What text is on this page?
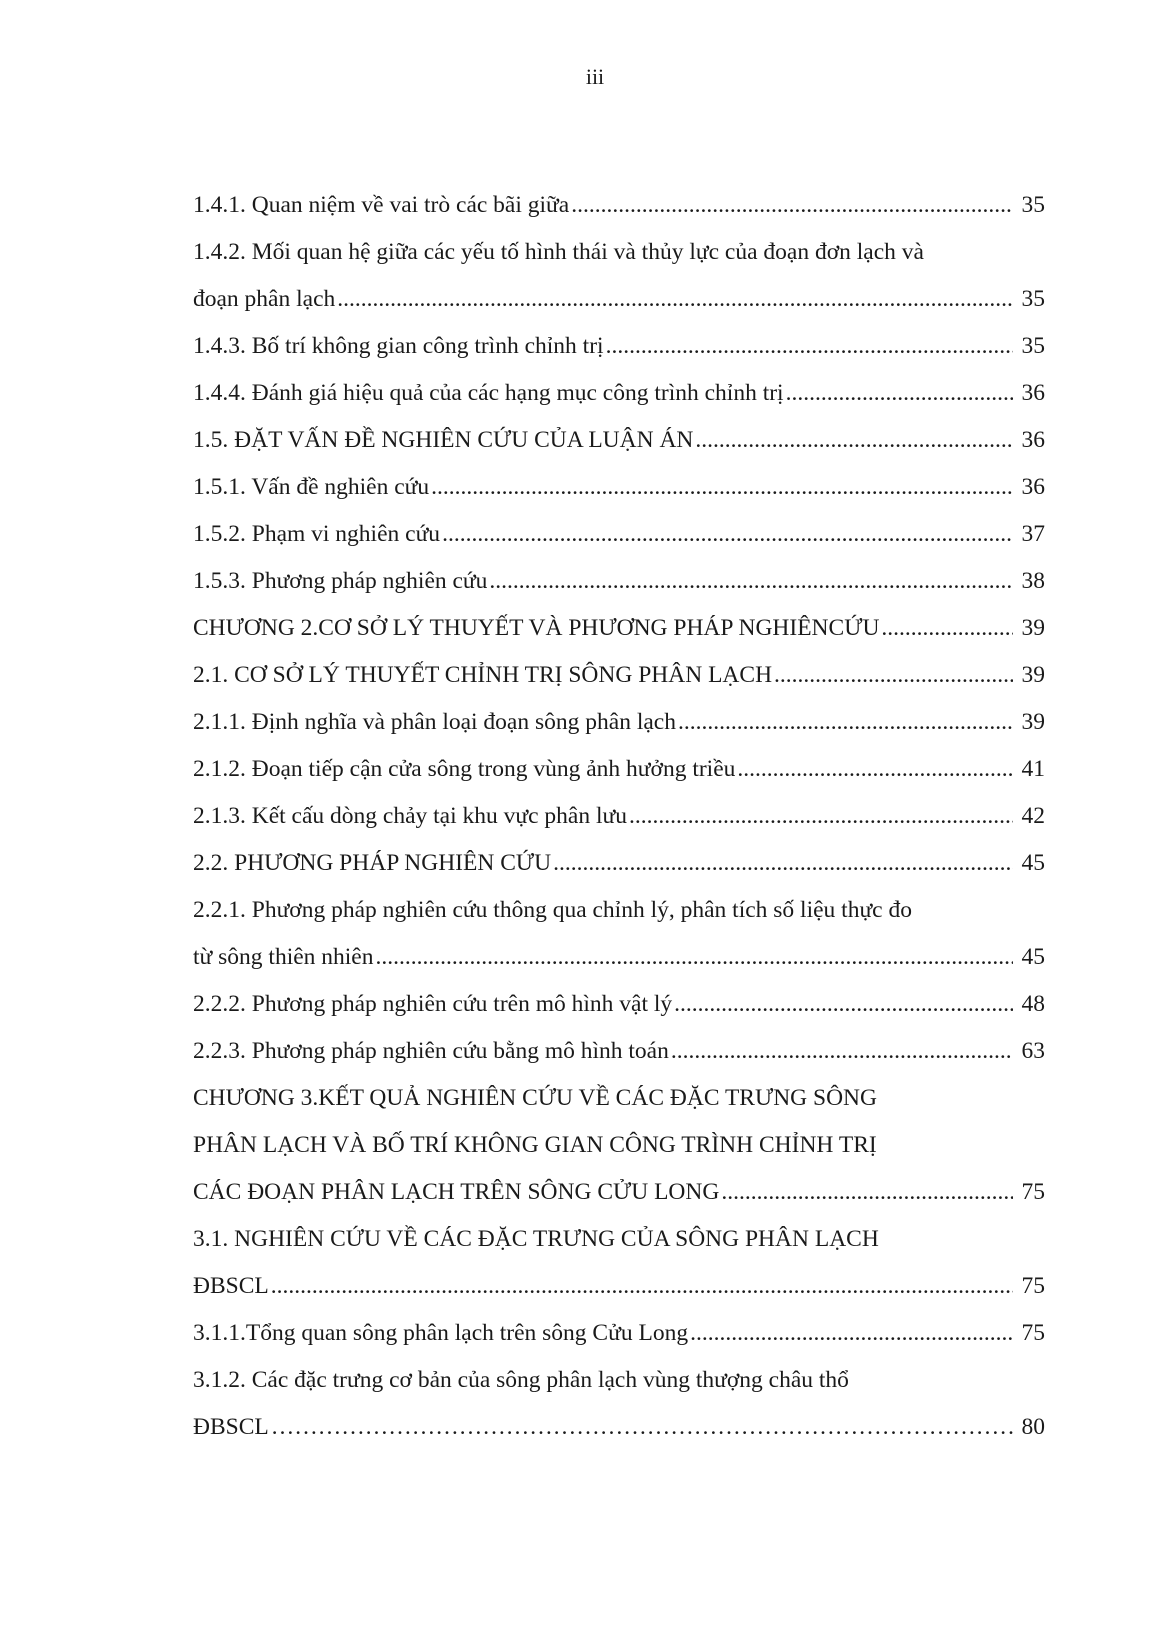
iii
1.4.1. Quan niệm về vai trò các bãi giữa .....	35
1.4.2. Mối quan hệ giữa các yếu tố hình thái và thủy lực của đoạn đơn lạch và
đoạn phân lạch .....	35
1.4.3. Bố trí không gian công trình chỉnh trị .....	35
1.4.4. Đánh giá hiệu quả của các hạng mục công trình chỉnh trị .....	36
1.5. ĐẶT VẤN ĐỀ NGHIÊN CỨU CỦA LUẬN ÁN .....	36
1.5.1. Vấn đề nghiên cứu .....	36
1.5.2. Phạm vi nghiên cứu .....	37
1.5.3. Phương pháp nghiên cứu .....	38
CHƯƠNG 2.CƠ SỞ LÝ THUYẾT VÀ PHƯƠNG PHÁP NGHIÊNCỨU .....	39
2.1. CƠ SỞ LÝ THUYẾT CHỈNH TRỊ SÔNG PHÂN LẠCH .....	39
2.1.1. Định nghĩa và phân loại đoạn sông phân lạch .....	39
2.1.2. Đoạn tiếp cận cửa sông trong vùng ảnh hưởng triều .....	41
2.1.3. Kết cấu dòng chảy tại khu vực phân lưu .....	42
2.2. PHƯƠNG PHÁP NGHIÊN CỨU .....	45
2.2.1. Phương pháp nghiên cứu thông qua chỉnh lý, phân tích số liệu thực đo
từ sông thiên nhiên .....	45
2.2.2. Phương pháp nghiên cứu trên mô hình vật lý .....	48
2.2.3. Phương pháp nghiên cứu bằng mô hình toán .....	63
CHƯƠNG 3.KẾT QUẢ NGHIÊN CỨU VỀ CÁC ĐẶC TRƯNG SÔNG
PHÂN LẠCH VÀ BỐ TRÍ KHÔNG GIAN CÔNG TRÌNH CHỈNH TRỊ
CÁC ĐOẠN PHÂN LẠCH TRÊN SÔNG CỬU LONG .....	75
3.1. NGHIÊN CỨU VỀ CÁC ĐẶC TRƯNG CỦA SÔNG PHÂN LẠCH
ĐBSCL .....	75
3.1.1.Tổng quan sông phân lạch trên sông Cửu Long .....	75
3.1.2. Các đặc trưng cơ bản của sông phân lạch vùng thượng châu thổ
ĐBSCL ……………………………………………………………………………………………………………………………………………………………………………………………………………………	80
